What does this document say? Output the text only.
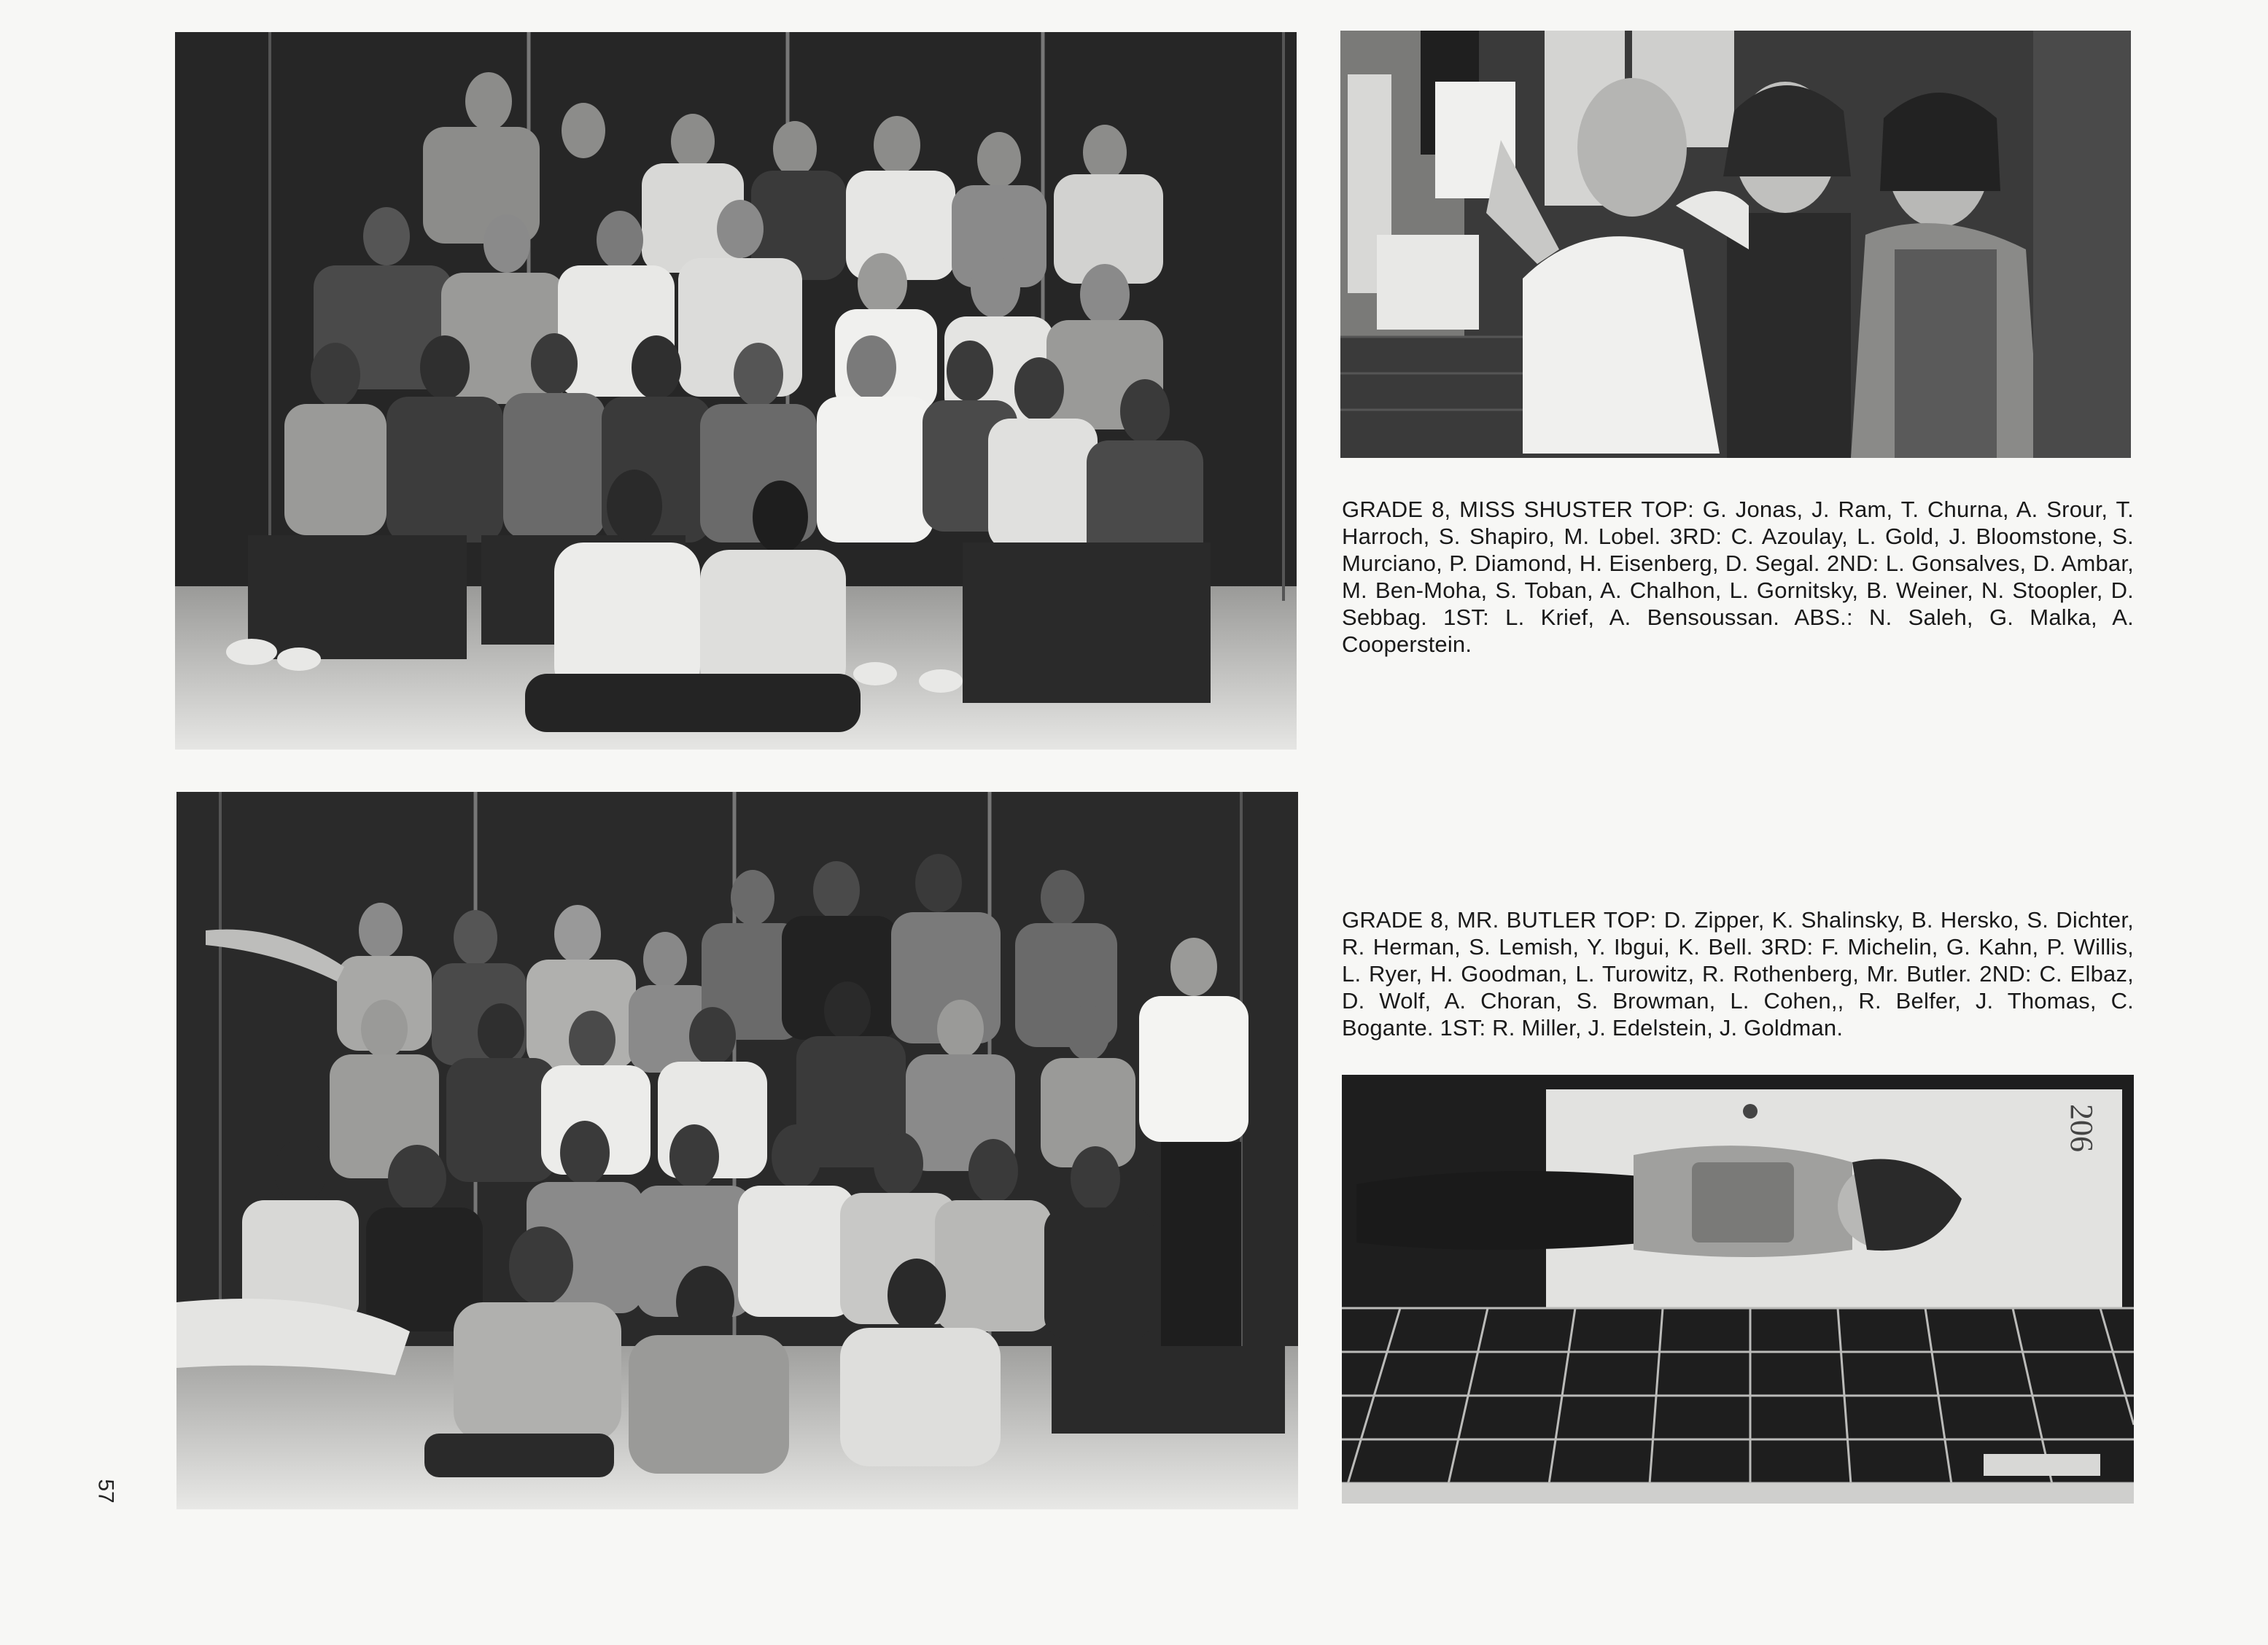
GRADE 8, MISS SHUSTER TOP: G. Jonas, J. Ram, T. Churna, A. Srour, T. Harroch, S. Shapiro, M. Lobel. 3RD: C. Azoulay, L. Gold, J. Bloomstone, S. Murciano, P. Diamond, H. Eisenberg, D. Segal. 2ND: L. Gonsalves, D. Ambar, M. Ben-Moha, S. Toban, A. Chalhon, L. Gornitsky, B. Weiner, N. Stoopler, D. Sebbag. 1ST: L. Krief, A. Bensoussan. ABS.: N. Saleh, G. Malka, A. Cooperstein.
GRADE 8, MR. BUTLER TOP: D. Zipper, K. Shalinsky, B. Hersko, S. Dichter, R. Herman, S. Lemish, Y. Ibgui, K. Bell. 3RD: F. Michelin, G. Kahn, P. Willis, L. Ryer, H. Goodman, L. Turowitz, R. Rothenberg, Mr. Butler. 2ND: C. Elbaz, D. Wolf, A. Choran, S. Browman, L. Cohen,, R. Belfer, J. Thomas, C. Bogante. 1ST: R. Miller, J. Edelstein, J. Goldman.
206
57
